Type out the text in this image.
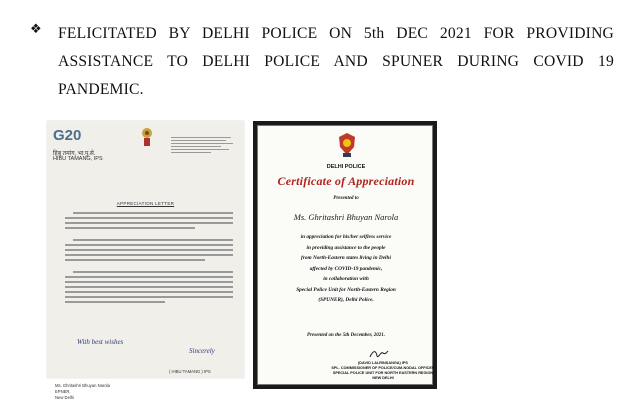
❖ FELICITATED BY DELHI POLICE ON 5th DEC 2021 FOR PROVIDING ASSISTANCE TO DELHI POLICE AND SPUNER DURING COVID 19 PANDEMIC.
G20
हिबु तमांग, भा.पु.से.
HIBU TAMANG, IPS
APPRECIATION LETTER
With best wishes
Sincerely
( HIBU TAMANG ) IPS
Ms. Ghritashri Bhuyan Narola
EPNER,
New Delhi
DELHI POLICE
Certificate of Appreciation
Presented to
Ms. Ghritashri Bhuyan Narola
in appreciation for his/her selfless service
in providing assistance to the people
from North-Eastern states living in Delhi
affected by COVID-19 pandemic,
in collaboration with
Special Police Unit for North-Eastern Region
(SPUNER), Delhi Police.
Presented on the 5th December, 2021.
(DAVID LALRINSANGA) IPS
SPL. COMMISSIONER OF POLICE/CUM-NODAL OFFICER
SPECIAL POLICE UNIT FOR NORTH EASTERN REGION
NEW DELHI
